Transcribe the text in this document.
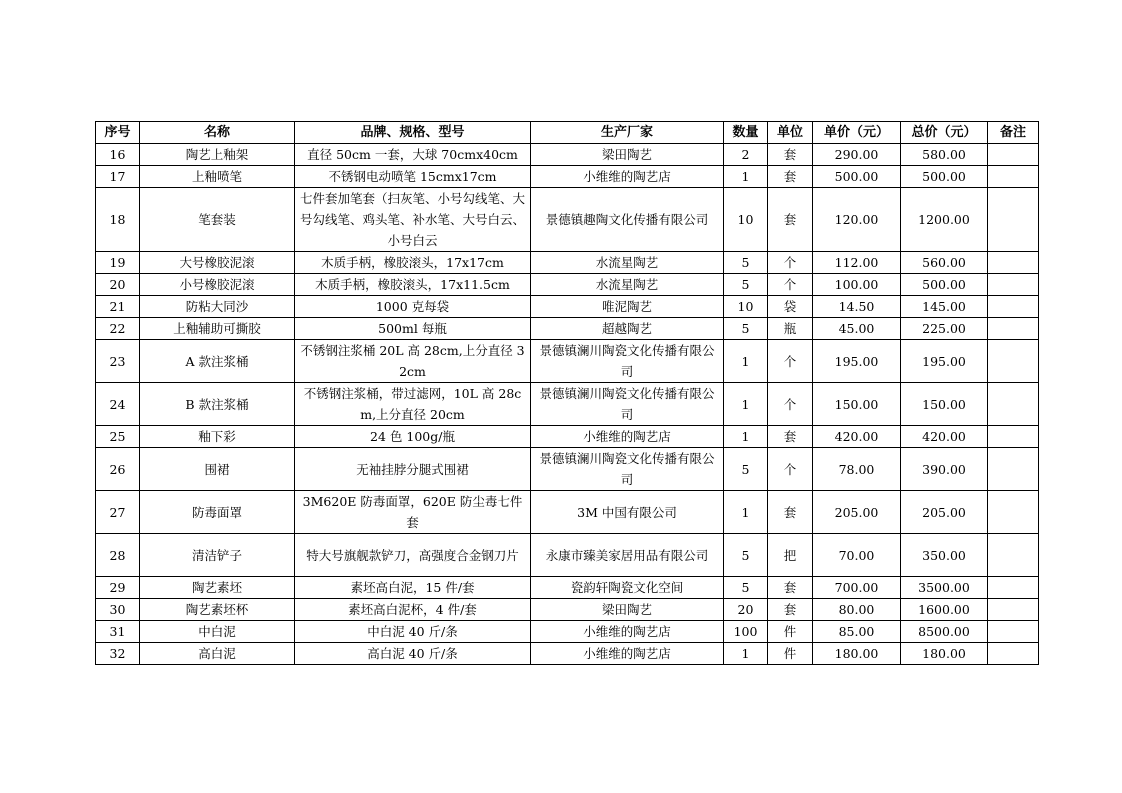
序号	名称	品牌、规格、型号	生产厂家	数量	单位	单价（元）	总价（元）	备注
16	陶艺上釉架	直径 50cm 一套，大球 70cmx40cm	梁田陶艺	2	套	290.00	580.00	
17	上釉喷笔	不锈钢电动喷笔 15cmx17cm	小维维的陶艺店	1	套	500.00	500.00	
18	笔套装	七件套加笔套（扫灰笔、小号勾线笔、大号勾线笔、鸡头笔、补水笔、大号白云、小号白云	景德镇趣陶文化传播有限公司	10	套	120.00	1200.00	
19	大号橡胶泥滚	木质手柄，橡胶滚头，17x17cm	水流星陶艺	5	个	112.00	560.00	
20	小号橡胶泥滚	木质手柄，橡胶滚头，17x11.5cm	水流星陶艺	5	个	100.00	500.00	
21	防粘大同沙	1000 克每袋	唯泥陶艺	10	袋	14.50	145.00	
22	上釉辅助可撕胶	500ml 每瓶	超越陶艺	5	瓶	45.00	225.00	
23	A 款注浆桶	不锈钢注浆桶 20L 高 28cm,上分直径 32cm	景德镇澜川陶瓷文化传播有限公司	1	个	195.00	195.00	
24	B 款注浆桶	不锈钢注浆桶，带过滤网，10L 高 28cm,上分直径 20cm	景德镇澜川陶瓷文化传播有限公司	1	个	150.00	150.00	
25	釉下彩	24 色 100g/瓶	小维维的陶艺店	1	套	420.00	420.00	
26	围裙	无袖挂脖分腿式围裙	景德镇澜川陶瓷文化传播有限公司	5	个	78.00	390.00	
27	防毒面罩	3M620E 防毒面罩，620E 防尘毒七件套	3M 中国有限公司	1	套	205.00	205.00	
28	清洁铲子	特大号旗舰款铲刀，高强度合金钢刀片	永康市臻美家居用品有限公司	5	把	70.00	350.00	
29	陶艺素坯	素坯高白泥，15 件/套	瓷韵轩陶瓷文化空间	5	套	700.00	3500.00	
30	陶艺素坯杯	素坯高白泥杯，4 件/套	梁田陶艺	20	套	80.00	1600.00	
31	中白泥	中白泥 40 斤/条	小维维的陶艺店	100	件	85.00	8500.00	
32	高白泥	高白泥 40 斤/条	小维维的陶艺店	1	件	180.00	180.00	
